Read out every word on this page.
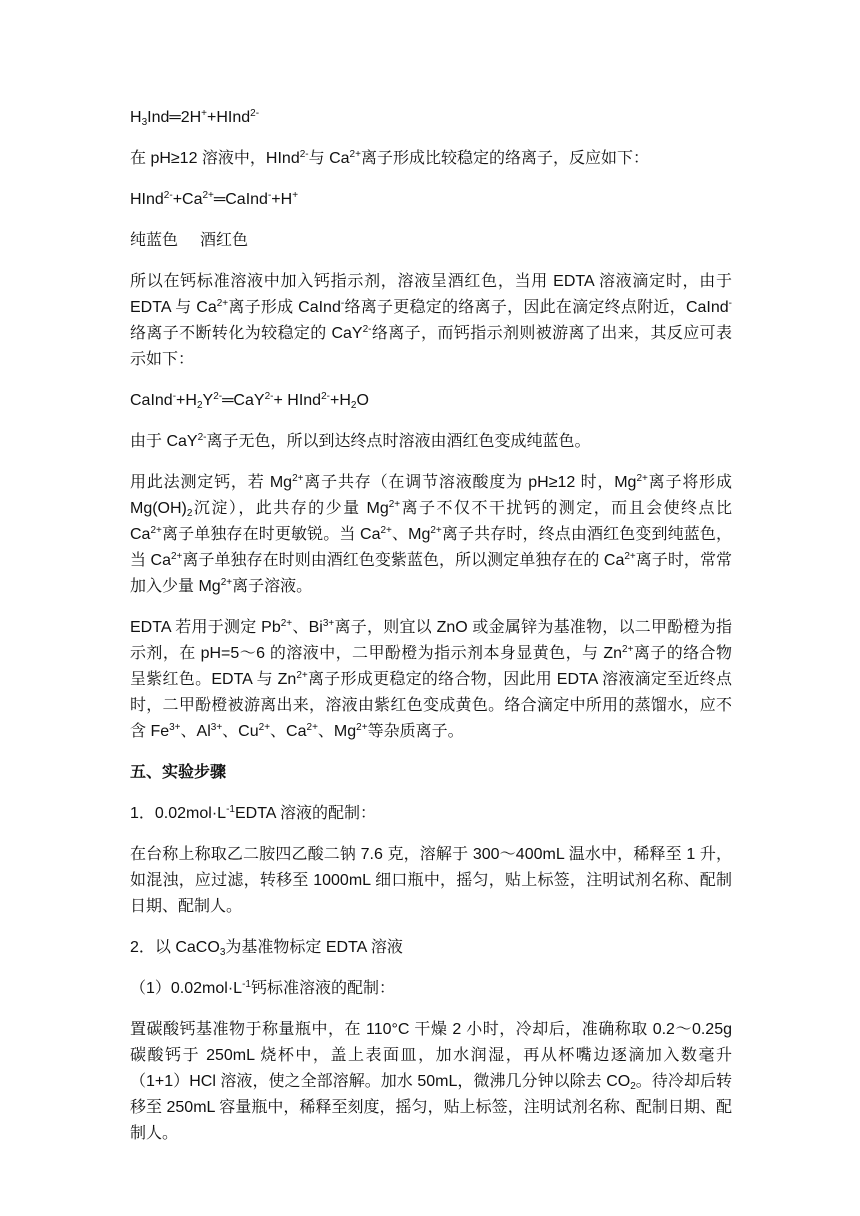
$H_3Ind═2H^++HInd^{2-}$

在 pH≥12 溶液中，HInd$^{2-}$与 $Ca^{2+}$离子形成比较稳定的络离子，反应如下：

$HInd^{2-}+Ca^{2+}═CaInd^-+H^+$

纯蓝色 酒红色

所以在钙标准溶液中加入钙指示剂，溶液呈酒红色，当用 EDTA 溶液滴定时，由于 EDTA 与 $Ca^{2+}$离子形成 CaInd-络离子更稳定的络离子，因此在滴定终点附近，CaInd-络离子不断转化为较稳定的 CaY$^{2-}$络离子，而钙指示剂则被游离了出来，其反应可表示如下：

$CaInd^-+H_2Y^{2-}═CaY^{2-}+$ $HInd^{2-}+H_2O$

由于 CaY$^{2-}$离子无色，所以到达终点时溶液由酒红色变成纯蓝色。

用此法测定钙，若 $Mg^{2+}$离子共存（在调节溶液酸度为 pH≥12 时，$Mg^{2+}$离子将形成 $Mg(OH)_2$沉淀），此共存的少量 $Mg^{2+}$离子不仅不干扰钙的测定，而且会使终点比 $Ca^{2+}$离子单独存在时更敏锐。当 $Ca^{2+}$、$Mg^{2+}$离子共存时，终点由酒红色变到纯蓝色，当 $Ca^{2+}$离子单独存在时则由酒红色变紫蓝色，所以测定单独存在的 $Ca^{2+}$离子时，常常加入少量 $Mg^{2+}$离子溶液。

EDTA 若用于测定 $Pb^{2+}$、$Bi^{3+}$离子，则宜以 ZnO 或金属锌为基准物，以二甲酚橙为指示剂，在 pH=5～6 的溶液中，二甲酚橙为指示剂本身显黄色，与 $Zn^{2+}$离子的络合物呈紫红色。EDTA 与 $Zn^{2+}$离子形成更稳定的络合物，因此用 EDTA 溶液滴定至近终点时，二甲酚橙被游离出来，溶液由紫红色变成黄色。络合滴定中所用的蒸馏水，应不含 $Fe^{3+}$、$Al^{3+}$、$Cu^{2+}$、$Ca^{2+}$、$Mg^{2+}$等杂质离子。

五、实验步骤

1．$0.02mol\cdot L^{-1}EDTA$ 溶液的配制：

在台称上称取乙二胺四乙酸二钠 7.6 克，溶解于 300～400mL 温水中，稀释至 1 升，如混浊，应过滤，转移至 1000mL 细口瓶中，摇匀，贴上标签，注明试剂名称、配制日期、配制人。

2．以 CaCO$_3$为基准物标定 EDTA 溶液

$(1)0.02mol\cdot L^{-1}$钙标准溶液的配制：

置碳酸钙基准物于称量瓶中，在 110°C 干燥 2 小时，冷却后，准确称取 0.2～0.25g 碳酸钙于 250mL 烧杯中，盖上表面皿，加水润湿，再从杯嘴边逐滴加入数毫升（1+1）HCl 溶液，使之全部溶解。加水 50mL，微沸几分钟以除去 $CO_2$。待冷却后转移至 250mL 容量瓶中，稀释至刻度，摇匀，贴上标签，注明试剂名称、配制日期、配制人。
